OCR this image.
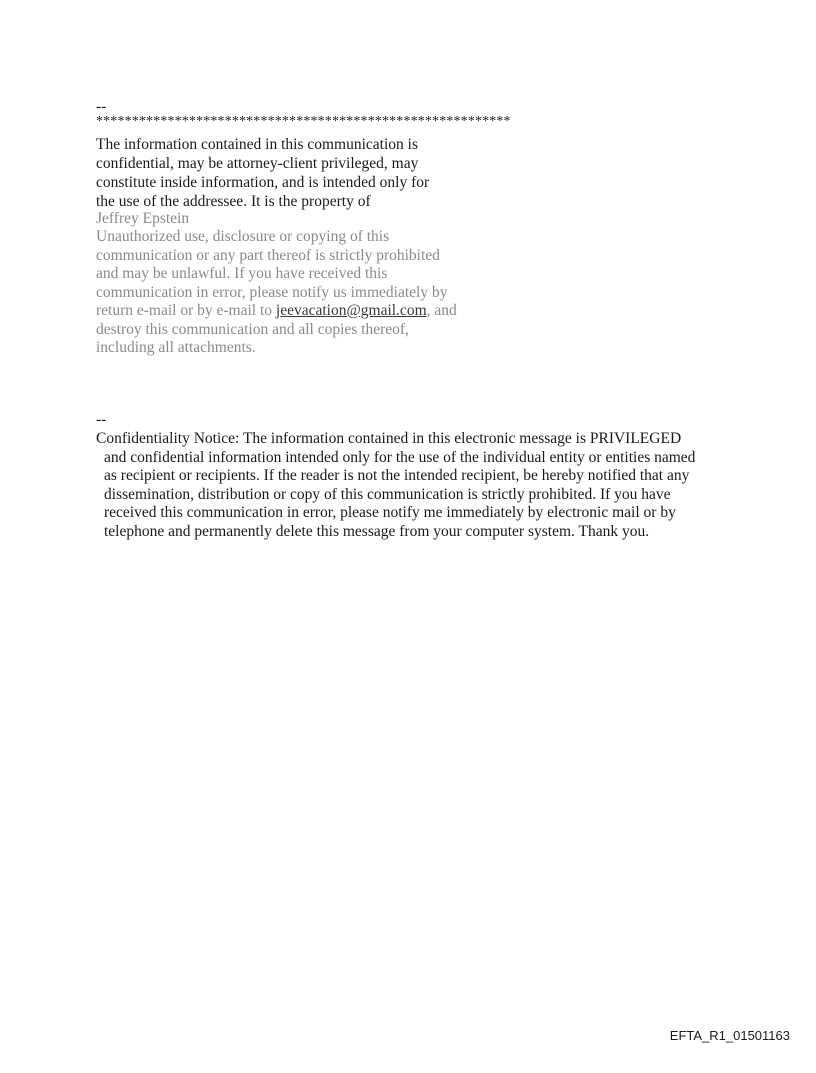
--
**********************************************************
The information contained in this communication is
confidential, may be attorney-client privileged, may
constitute inside information, and is intended only for
the use of the addressee. It is the property of
Jeffrey Epstein
Unauthorized use, disclosure or copying of this
communication or any part thereof is strictly prohibited
and may be unlawful. If you have received this
communication in error, please notify us immediately by
return e-mail or by e-mail to jeevacation@gmail.com, and
destroy this communication and all copies thereof,
including all attachments.
--
Confidentiality Notice: The information contained in this electronic message is PRIVILEGED
and confidential information intended only for the use of the individual entity or entities named
as recipient or recipients. If the reader is not the intended recipient, be hereby notified that any
dissemination, distribution or copy of this communication is strictly prohibited. If you have
received this communication in error, please notify me immediately by electronic mail or by
telephone and permanently delete this message from your computer system. Thank you.
EFTA_R1_01501163
